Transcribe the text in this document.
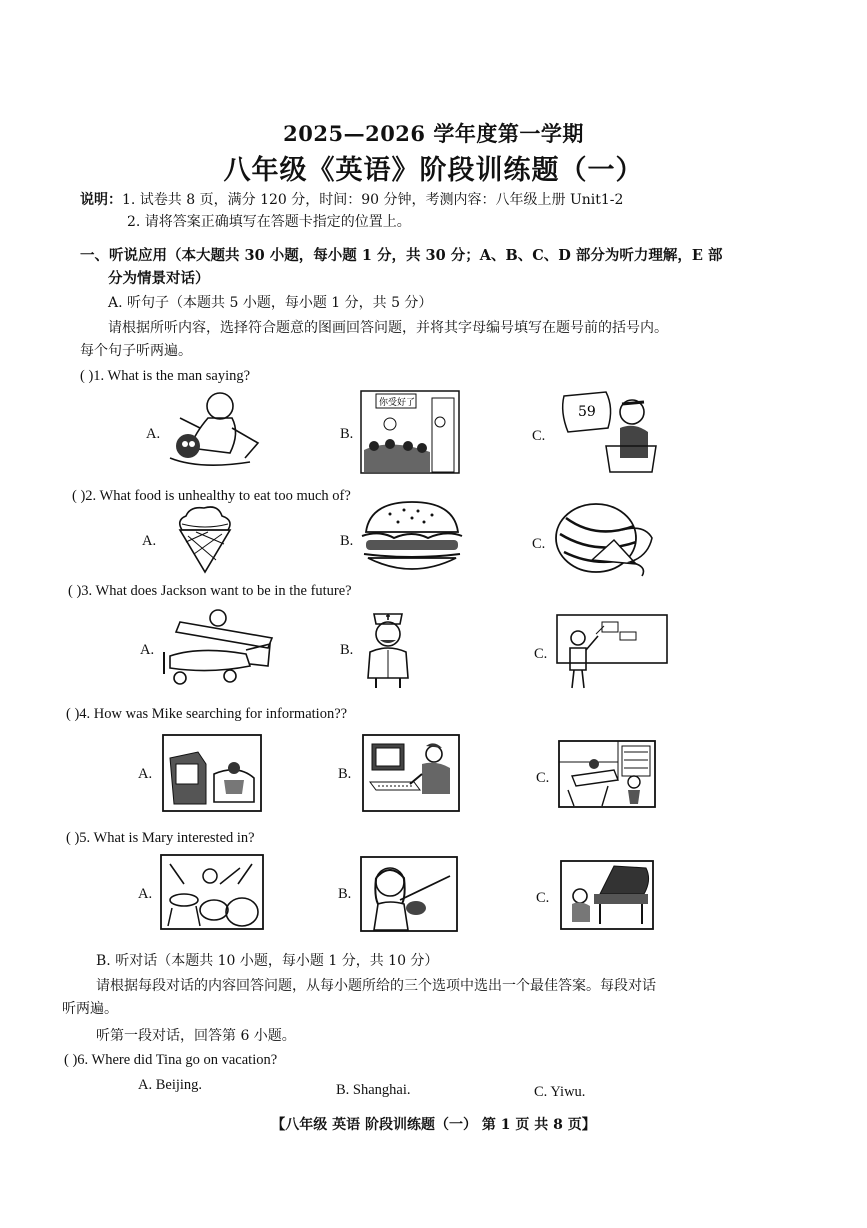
2025—2026 学年度第一学期
八年级《英语》阶段训练题（一）
说明：1. 试卷共 8 页，满分 120 分，时间：90 分钟，考测内容：八年级上册 Unit1-2
2. 请将答案正确填写在答题卡指定的位置上。
一、听说应用（本大题共 30 小题，每小题 1 分，共 30 分；A、B、C、D 部分为听力理解，E 部
分为情景对话）
A. 听句子（本题共 5 小题，每小题 1 分，共 5 分）
请根据所听内容，选择符合题意的图画回答问题，并将其字母编号填写在题号前的括号内。
每个句子听两遍。
( )1. What is the man saying?
A.	B.
你受好了
C.
59
( )2. What food is unhealthy to eat too much of?
A.	B.	C.
( )3. What does Jackson want to be in the future?
A.	B.	C.
( )4. How was Mike searching for information??
A.	B.	C.
( )5. What is Mary interested in?
A.	B.	C.
B. 听对话（本题共 10 小题，每小题 1 分，共 10 分）
请根据每段对话的内容回答问题，从每小题所给的三个选项中选出一个最佳答案。每段对话
听两遍。
听第一段对话，回答第 6 小题。
( )6. Where did Tina go on vacation?
A. Beijing.	B. Shanghai.	C. Yiwu.
【八年级 英语 阶段训练题（一） 第 1 页 共 8 页】
